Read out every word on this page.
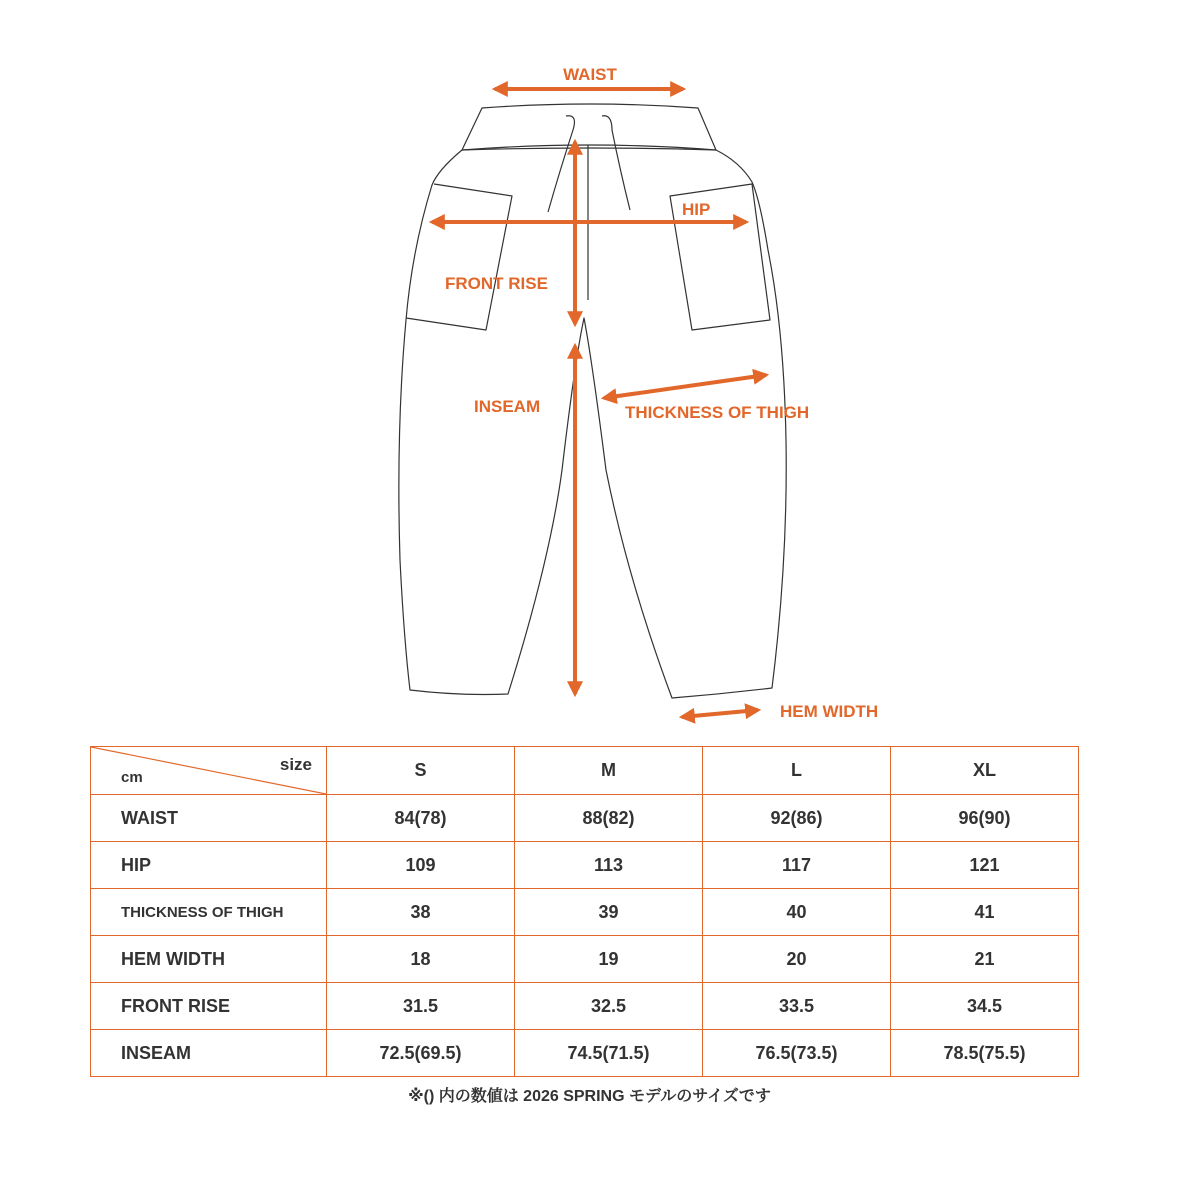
WAIST
HIP
FRONT RISE
INSEAM	THICKNESS OF THIGH
HEM WIDTH
size
cm	S	M	L	XL
WAIST	84(78)	88(82)	92(86)	96(90)
HIP	109	113	117	121
THICKNESS OF THIGH	38	39	40	41
HEM WIDTH	18	19	20	21
FRONT RISE	31.5	32.5	33.5	34.5
INSEAM	72.5(69.5)	74.5(71.5)	76.5(73.5)	78.5(75.5)
※() 内の数値は 2026 SPRING モデルのサイズです
